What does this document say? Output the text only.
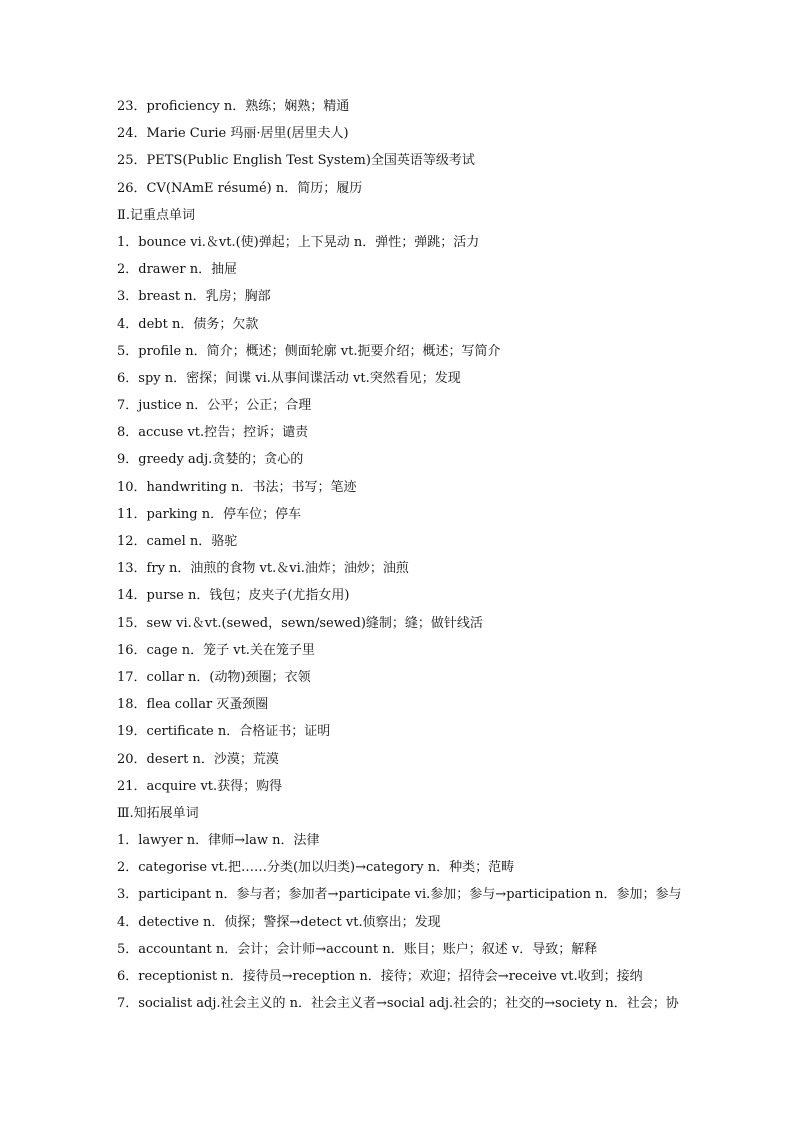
23．proficiency n．熟练；娴熟；精通
24．Marie Curie 玛丽·居里(居里夫人)
25．PETS(Public English Test System)全国英语等级考试
26．CV(NAmE résumé) n．简历；履历
Ⅱ.记重点单词
1．bounce vi.＆vt.(使)弹起；上下晃动 n．弹性；弹跳；活力
2．drawer n．抽屉
3．breast n．乳房；胸部
4．debt n．债务；欠款
5．profile n．简介；概述；侧面轮廓 vt.扼要介绍；概述；写简介
6．spy n．密探；间谍 vi.从事间谍活动 vt.突然看见；发现
7．justice n．公平；公正；合理
8．accuse vt.控告；控诉；谴责
9．greedy adj.贪婪的；贪心的
10．handwriting n．书法；书写；笔迹
11．parking n．停车位；停车
12．camel n．骆驼
13．fry n．油煎的食物 vt.＆vi.油炸；油炒；油煎
14．purse n．钱包；皮夹子(尤指女用)
15．sew vi.＆vt.(sewed，sewn/sewed)缝制；缝；做针线活
16．cage n．笼子 vt.关在笼子里
17．collar n．(动物)颈圈；衣领
18．flea collar 灭蚤颈圈
19．certificate n．合格证书；证明
20．desert n．沙漠；荒漠
21．acquire vt.获得；购得
Ⅲ.知拓展单词
1．lawyer n．律师→law n．法律
2．categorise vt.把……分类(加以归类)→category n．种类；范畴
3．participant n．参与者；参加者→participate vi.参加；参与→participation n．参加；参与
4．detective n．侦探；警探→detect vt.侦察出；发现
5．accountant n．会计；会计师→account n．账目；账户；叙述 v．导致；解释
6．receptionist n．接待员→reception n．接待；欢迎；招待会→receive vt.收到；接纳
7．socialist adj.社会主义的 n．社会主义者→social adj.社会的；社交的→society n．社会；协
